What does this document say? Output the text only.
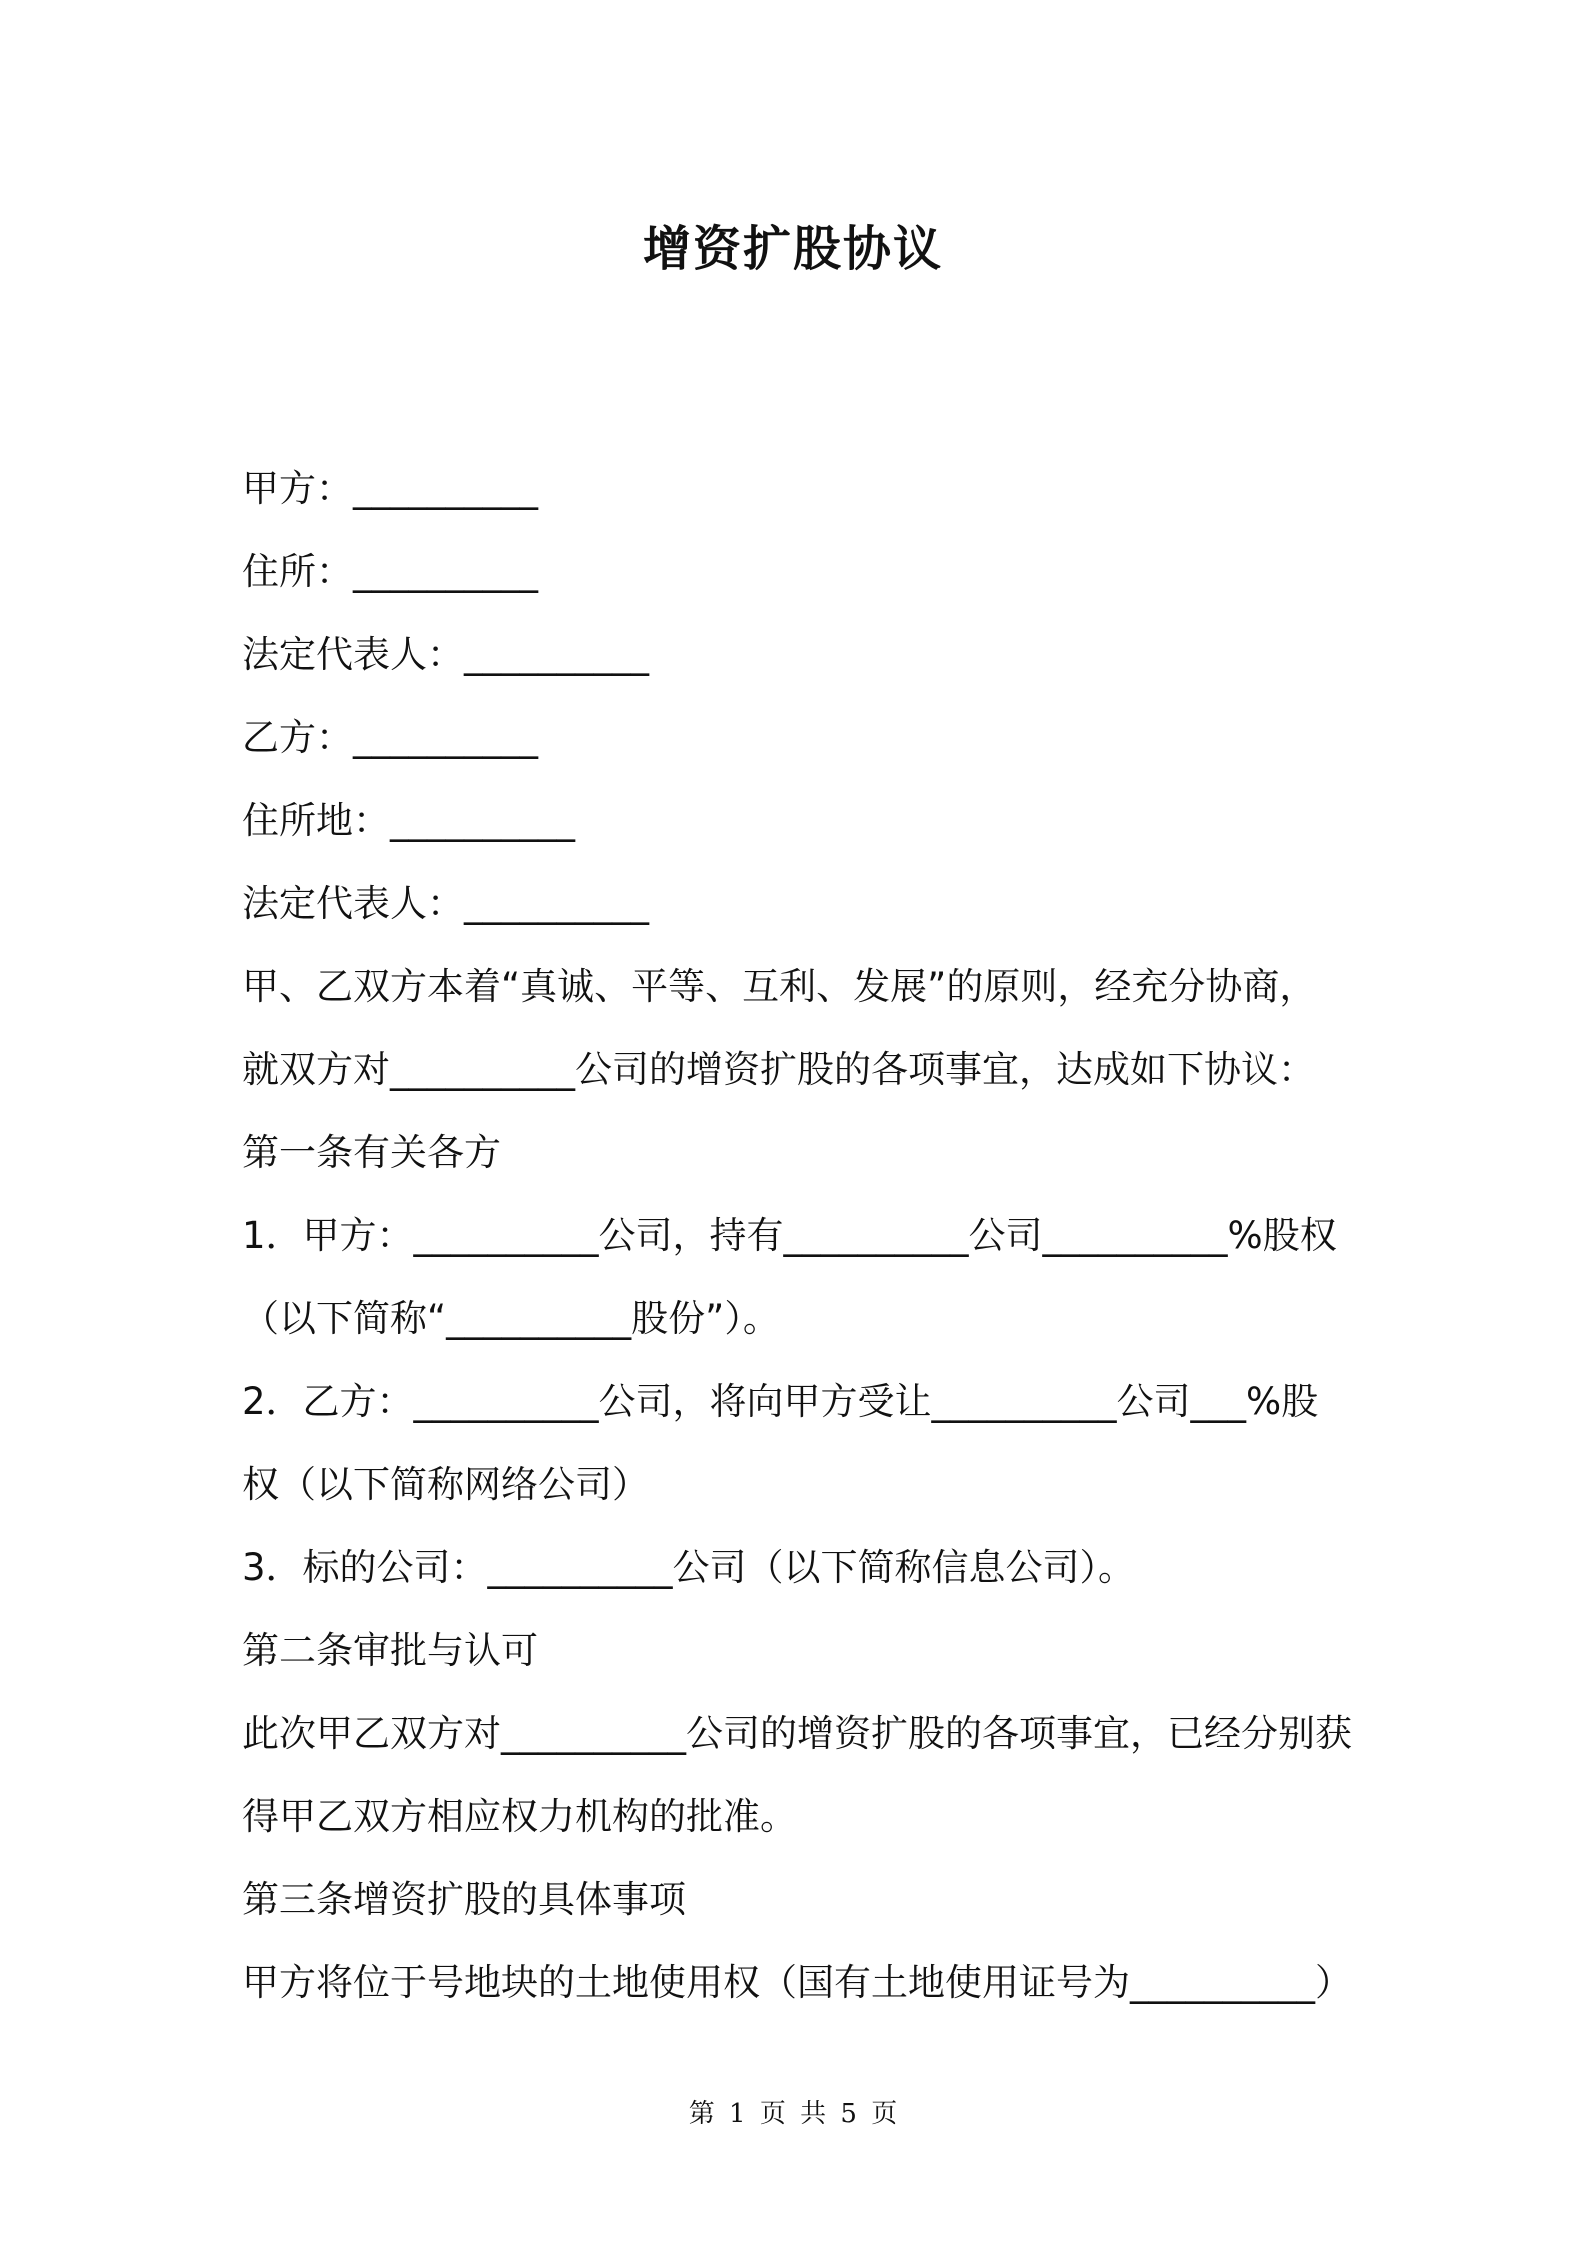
增资扩股协议
甲方：__________
住所：__________
法定代表人：__________
乙方：__________
住所地：__________
法定代表人：__________
甲、乙双方本着“真诚、平等、互利、发展”的原则，经充分协商，
就双方对__________公司的增资扩股的各项事宜，达成如下协议：
第一条有关各方
1．甲方：__________公司，持有__________公司__________%股权
（以下简称“__________股份”）。
2．乙方：__________公司，将向甲方受让__________公司___%股
权（以下简称网络公司）
3．标的公司：__________公司（以下简称信息公司）。
第二条审批与认可
此次甲乙双方对__________公司的增资扩股的各项事宜，已经分别获
得甲乙双方相应权力机构的批准。
第三条增资扩股的具体事项
甲方将位于号地块的土地使用权（国有土地使用证号为__________）
第 1 页 共 5 页
